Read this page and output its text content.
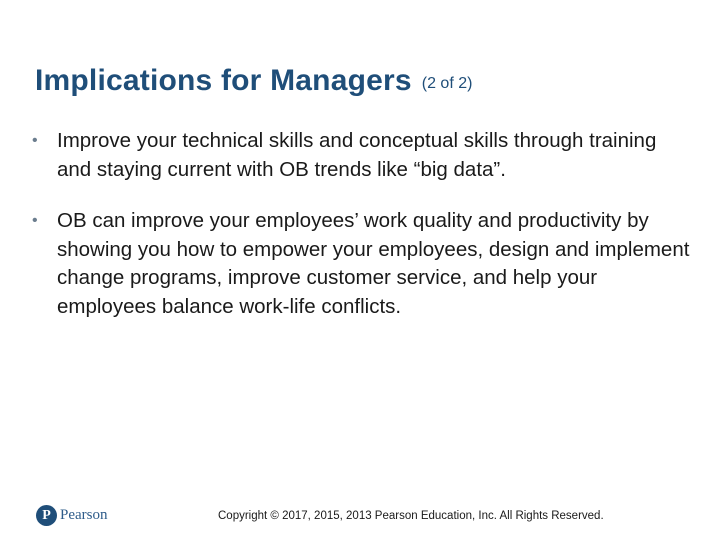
Implications for Managers (2 of 2)
• Improve your technical skills and conceptual skills through training and staying current with OB trends like “big data”.
• OB can improve your employees’ work quality and productivity by showing you how to empower your employees, design and implement change programs, improve customer service, and help your employees balance work-life conflicts.
P Pearson	Copyright © 2017, 2015, 2013 Pearson Education, Inc. All Rights Reserved.
